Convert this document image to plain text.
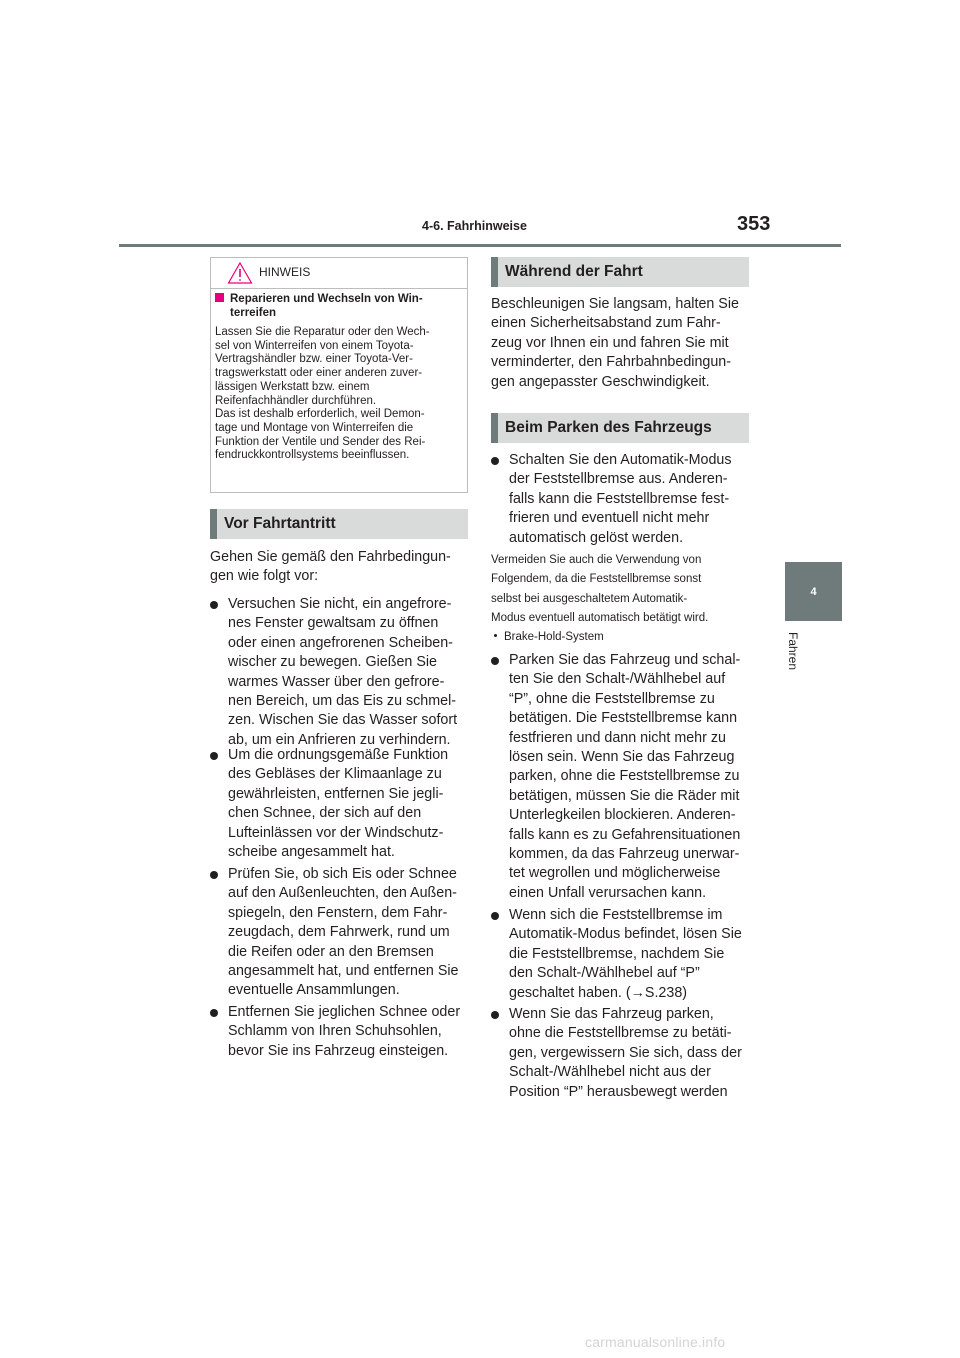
4-6. Fahrhinweise	353
4
Fahren
HINWEIS
Reparieren und Wechseln von Win-
terreifen
Lassen Sie die Reparatur oder den Wech-
sel von Winterreifen von einem Toyota-
Vertragshändler bzw. einer Toyota-Ver-
tragswerkstatt oder einer anderen zuver-
lässigen Werkstatt bzw. einem
Reifenfachhändler durchführen.
Das ist deshalb erforderlich, weil Demon-
tage und Montage von Winterreifen die
Funktion der Ventile und Sender des Rei-
fendruckkontrollsystems beeinflussen.
Vor Fahrtantritt
Gehen Sie gemäß den Fahrbedingun-
gen wie folgt vor:
Versuchen Sie nicht, ein angefrore-
nes Fenster gewaltsam zu öffnen
oder einen angefrorenen Scheiben-
wischer zu bewegen. Gießen Sie
warmes Wasser über den gefrore-
nen Bereich, um das Eis zu schmel-
zen. Wischen Sie das Wasser sofort
ab, um ein Anfrieren zu verhindern.
Um die ordnungsgemäße Funktion
des Gebläses der Klimaanlage zu
gewährleisten, entfernen Sie jegli-
chen Schnee, der sich auf den
Lufteinlässen vor der Windschutz-
scheibe angesammelt hat.
Prüfen Sie, ob sich Eis oder Schnee
auf den Außenleuchten, den Außen-
spiegeln, den Fenstern, dem Fahr-
zeugdach, dem Fahrwerk, rund um
die Reifen oder an den Bremsen
angesammelt hat, und entfernen Sie
eventuelle Ansammlungen.
Entfernen Sie jeglichen Schnee oder
Schlamm von Ihren Schuhsohlen,
bevor Sie ins Fahrzeug einsteigen.
Während der Fahrt
Beschleunigen Sie langsam, halten Sie
einen Sicherheitsabstand zum Fahr-
zeug vor Ihnen ein und fahren Sie mit
verminderter, den Fahrbahnbedingun-
gen angepasster Geschwindigkeit.
Beim Parken des Fahrzeugs
Schalten Sie den Automatik-Modus
der Feststellbremse aus. Anderen-
falls kann die Feststellbremse fest-
frieren und eventuell nicht mehr
automatisch gelöst werden.
Vermeiden Sie auch die Verwendung von
Folgendem, da die Feststellbremse sonst
selbst bei ausgeschaltetem Automatik-
Modus eventuell automatisch betätigt wird.
Brake-Hold-System
Parken Sie das Fahrzeug und schal-
ten Sie den Schalt-/Wählhebel auf
“P”, ohne die Feststellbremse zu
betätigen. Die Feststellbremse kann
festfrieren und dann nicht mehr zu
lösen sein. Wenn Sie das Fahrzeug
parken, ohne die Feststellbremse zu
betätigen, müssen Sie die Räder mit
Unterlegkeilen blockieren. Anderen-
falls kann es zu Gefahrensituationen
kommen, da das Fahrzeug unerwar-
tet wegrollen und möglicherweise
einen Unfall verursachen kann.
Wenn sich die Feststellbremse im
Automatik-Modus befindet, lösen Sie
die Feststellbremse, nachdem Sie
den Schalt-/Wählhebel auf “P”
geschaltet haben. (→S.238)
Wenn Sie das Fahrzeug parken,
ohne die Feststellbremse zu betäti-
gen, vergewissern Sie sich, dass der
Schalt-/Wählhebel nicht aus der
Position “P” herausbewegt werden
carmanualsonline.info
